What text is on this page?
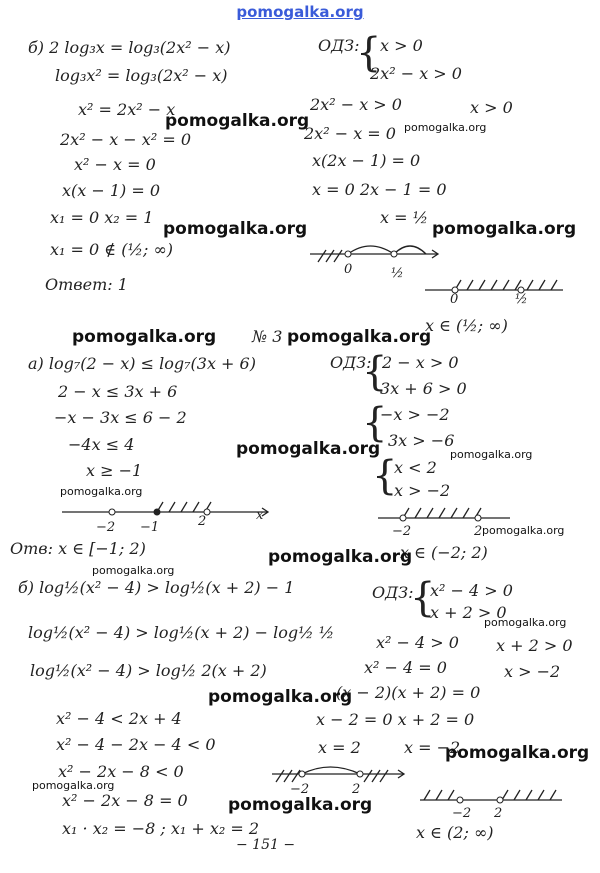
pomogalka.org
б) 2 log₃x = log₃(2x² − x)
log₃x² = log₃(2x² − x)
x² = 2x² − x
2x² − x − x² = 0
x² − x = 0
x(x − 1) = 0
x₁ = 0 x₂ = 1
x₁ = 0 ∉ (½; ∞)
Ответ: 1
ОДЗ:
{
x > 0
2x² − x > 0
2x² − x > 0	x > 0
2x² − x = 0
x(2x − 1) = 0
x = 0 2x − 1 = 0
x = ½
0	½
0	½
x ∈ (½; ∞)
№ 3
а) log₇(2 − x) ≤ log₇(3x + 6)
2 − x ≤ 3x + 6
−x − 3x ≤ 6 − 2
−4x ≤ 4
x ≥ −1
ОДЗ:
{
2 − x > 0
3x + 6 > 0
{
−x > −2
3x > −6
{
x < 2
x > −2
−2 −1	2	x
Отв: x ∈ [−1; 2)
−2	2
x ∈ (−2; 2)
б) log½(x² − 4) > log½(x + 2) − 1
log½(x² − 4) > log½(x + 2) − log½ ½
log½(x² − 4) > log½ 2(x + 2)
x² − 4 < 2x + 4
x² − 4 − 2x − 4 < 0
x² − 2x − 8 < 0
x² − 2x − 8 = 0
x₁ · x₂ = −8 ; x₁ + x₂ = 2
ОДЗ:
{
x² − 4 > 0
x + 2 > 0
x² − 4 > 0 x + 2 > 0
x² − 4 = 0	x > −2
(x − 2)(x + 2) = 0
x − 2 = 0 x + 2 = 0
x = 2	x = −2
−2	2
−2 2
x ∈ (2; ∞)
− 151 −
pomogalka.org	pomogalka.org
pomogalka.org	pomogalka.org
pomogalka.org	pomogalka.org
pomogalka.org	pomogalka.org
pomogalka.org
pomogalka.org
pomogalka.org
pomogalka.org
pomogalka.org
pomogalka.org
pomogalka.org
pomogalka.org
pomogalka.org
